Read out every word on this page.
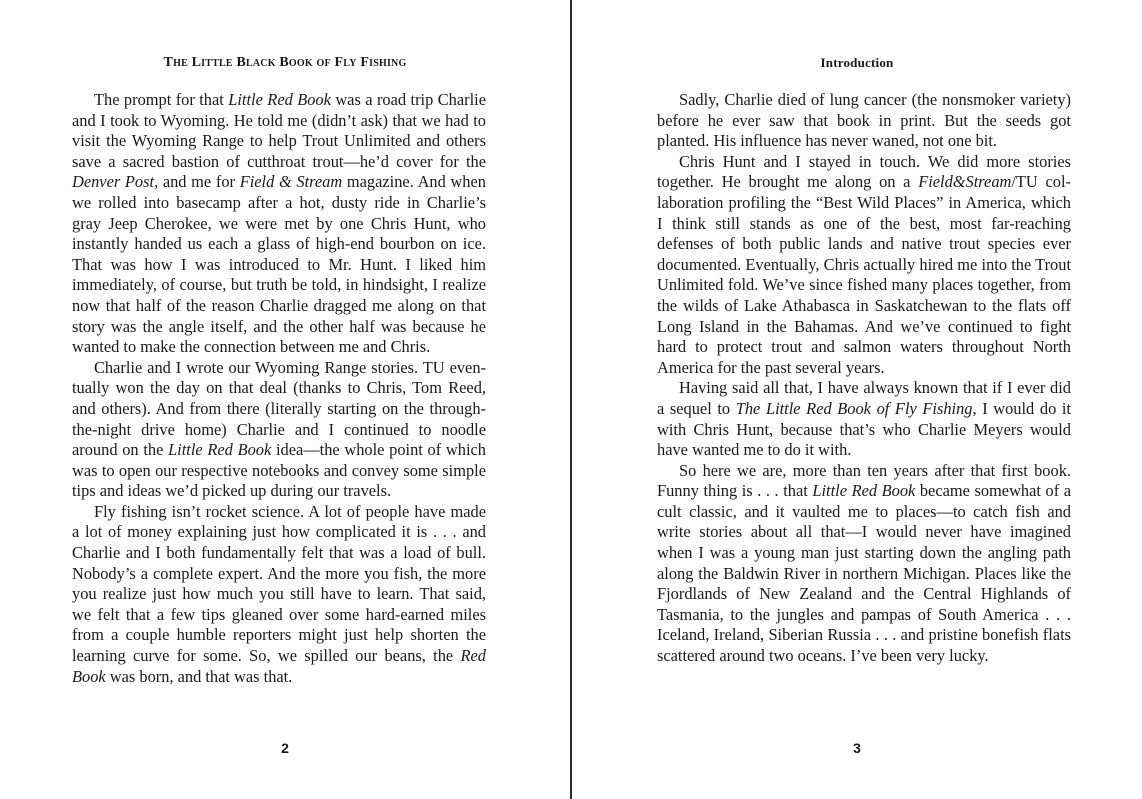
The Little Black Book of Fly Fishing

The prompt for that Little Red Book was a road trip Charlie and I took to Wyoming. He told me (didn’t ask) that we had to visit the Wyoming Range to help Trout Unlimited and others save a sacred bastion of cutthroat trout—he’d cover for the Denver Post, and me for Field & Stream magazine. And when we rolled into basecamp after a hot, dusty ride in Charlie’s gray Jeep Cherokee, we were met by one Chris Hunt, who instantly handed us each a glass of high-end bourbon on ice. That was how I was introduced to Mr. Hunt. I liked him immediately, of course, but truth be told, in hindsight, I realize now that half of the reason Charlie dragged me along on that story was the angle itself, and the other half was because he wanted to make the connection between me and Chris.

Charlie and I wrote our Wyoming Range stories. TU eventually won the day on that deal (thanks to Chris, Tom Reed, and others). And from there (literally starting on the through-the-night drive home) Charlie and I continued to noodle around on the Little Red Book idea—the whole point of which was to open our respective notebooks and convey some simple tips and ideas we’d picked up during our travels.

Fly fishing isn’t rocket science. A lot of people have made a lot of money explaining just how complicated it is . . . and Charlie and I both fundamentally felt that was a load of bull. Nobody’s a complete expert. And the more you fish, the more you realize just how much you still have to learn. That said, we felt that a few tips gleaned over some hard-earned miles from a couple humble reporters might just help shorten the learning curve for some. So, we spilled our beans, the Red Book was born, and that was that.

2
Introduction

Sadly, Charlie died of lung cancer (the nonsmoker variety) before he ever saw that book in print. But the seeds got planted. His influence has never waned, not one bit.

Chris Hunt and I stayed in touch. We did more stories together. He brought me along on a Field&Stream/TU collaboration profiling the “Best Wild Places” in America, which I think still stands as one of the best, most far-reaching defenses of both public lands and native trout species ever documented. Eventually, Chris actually hired me into the Trout Unlimited fold. We’ve since fished many places together, from the wilds of Lake Athabasca in Saskatchewan to the flats off Long Island in the Bahamas. And we’ve continued to fight hard to protect trout and salmon waters throughout North America for the past several years.

Having said all that, I have always known that if I ever did a sequel to The Little Red Book of Fly Fishing, I would do it with Chris Hunt, because that’s who Charlie Meyers would have wanted me to do it with.

So here we are, more than ten years after that first book. Funny thing is . . . that Little Red Book became somewhat of a cult classic, and it vaulted me to places—to catch fish and write stories about all that—I would never have imagined when I was a young man just starting down the angling path along the Baldwin River in northern Michigan. Places like the Fjordlands of New Zealand and the Central Highlands of Tasmania, to the jungles and pampas of South America . . . Iceland, Ireland, Siberian Russia . . . and pristine bonefish flats scattered around two oceans. I’ve been very lucky.

3
